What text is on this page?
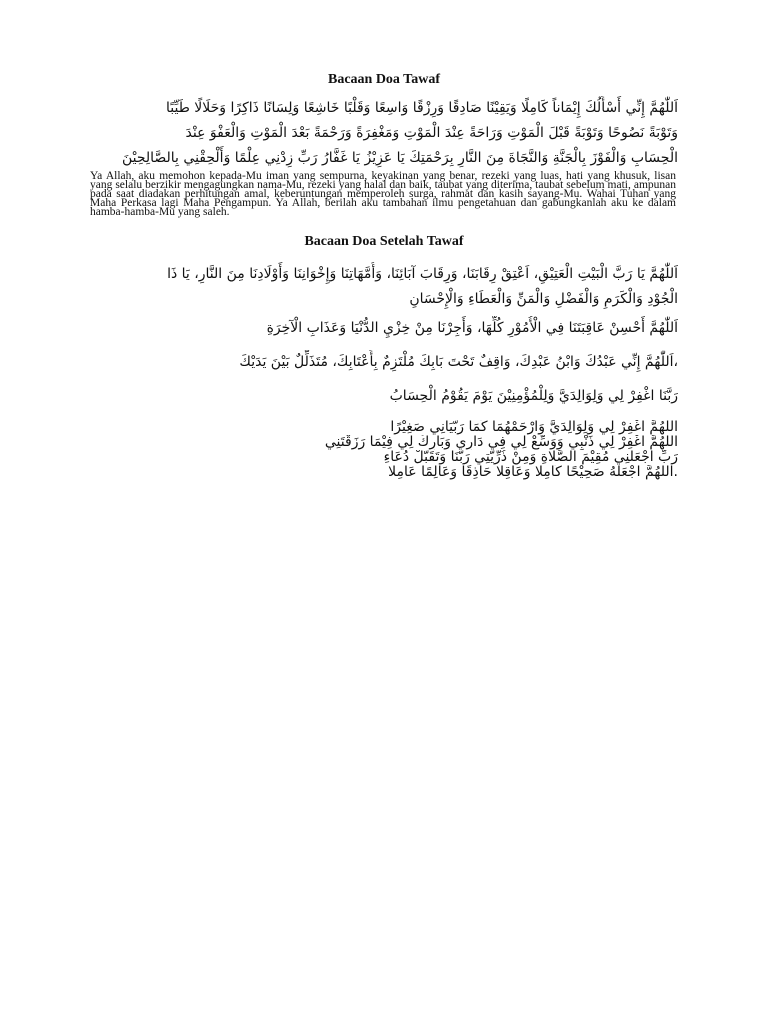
Bacaan Doa Tawaf
اَللّٰهُمَّ إِنِّي أَسْأَلُكَ إِيْمَاناً كَامِلًا وَيَقِيْنًا صَادِقًا وَرِزْقًا وَاسِعًا وَقَلْبًا خَاشِعًا وَلِسَانًا ذَاكِرًا وَحَلَالًا طَيِّبًا
وَتَوْبَةً نَصُوحًا وَتَوْبَةً قَبْلَ الْمَوْتِ وَرَاحَةً عِنْدَ الْمَوْتِ وَمَغْفِرَةً وَرَحْمَةً بَعْدَ الْمَوْتِ وَالْعَفْوَ عِنْدَ
الْحِسَابِ وَالْفَوْزَ بِالْجَنَّةِ وَالنَّجَاةَ مِنَ النَّارِ بِرَحْمَتِكَ يَا عَزِيْزُ يَا غَفَّارُ رَبِّ زِدْنِي عِلْمًا وَأَلْحِقْنِي بِالصَّالِحِيْنَ
Ya Allah, aku memohon kepada-Mu iman yang sempurna, keyakinan yang benar, rezeki yang luas, hati yang khusuk, lisan yang selalu berzikir mengagungkan nama-Mu, rezeki yang halal dan baik, taubat yang diterima, taubat sebelum mati, ampunan pada saat diadakan perhitungan amal, keberuntungan memperoleh surga, rahmat dan kasih sayang-Mu. Wahai Tuhan yang Maha Perkasa lagi Maha Pengampun. Ya Allah, berilah aku tambahan ilmu pengetahuan dan gabungkanlah aku ke dalam hamba-hamba-Mu yang saleh.
Bacaan Doa Setelah Tawaf
اَللّٰهُمَّ يَا رَبَّ الْبَيْتِ الْعَتِيْقِ، اَعْتِقْ رِقَابَنَا، وَرِقَابَ آبَائِنَا، وَأُمَّهَاتِنَا وَإِخْوَانِنَا وَأَوْلَادِنَا مِنَ النَّارِ، يَا ذَا
الْجُوْدِ وَالْكَرَمِ وَالْفَضْلِ وَالْمَنِّ وَالْعَطَاءِ وَالْإِحْسَانِ
اَللّٰهُمَّ أَحْسِنْ عَاقِبَتَنَا فِي الْأُمُوْرِ كُلِّهَا، وَأَجِرْنَا مِنْ خِزْيِ الدُّنْيَا وَعَذَابِ الْآخِرَةِ
،اَللّٰهُمَّ إِنِّي عَبْدُكَ وَابْنُ عَبْدِكَ، وَاقِفٌ تَحْتَ بَابِكَ مُلْتَزِمٌ بِأَعْتَابِكَ، مُتَذَلِّلٌ بَيْنَ يَدَيْكَ
رَبَّنَا اغْفِرْ لِي وَلِوَالِدَيَّ وَلِلْمُؤْمِنِيْنَ يَوْمَ يَقُوْمُ الْحِسَابُ
اَللّٰهُمَّ اغْفِرْ لِي وَلِوَالِدَيَّ وَارْحَمْهُمَا كَمَا رَبَّيَانِي صَغِيْرًا
اَللّٰهُمَّ اغْفِرْ لِي ذَنْبِي وَوَسِّعْ لِي فِي دَارِي وَبَارِكْ لِي فِيْمَا رَزَقْتَنِي
رَبِّ اجْعَلْنِي مُقِيْمَ الصَّلَاةِ وَمِنْ ذُرِّيَّتِي رَبَّنَا وَتَقَبَّلْ دُعَاءِ
.اَللّٰهُمَّ اجْعَلْهُ صَحِيْحًا كَامِلًا وَعَاقِلًا حَاذِقًا وَعَالِمًا عَامِلًا
